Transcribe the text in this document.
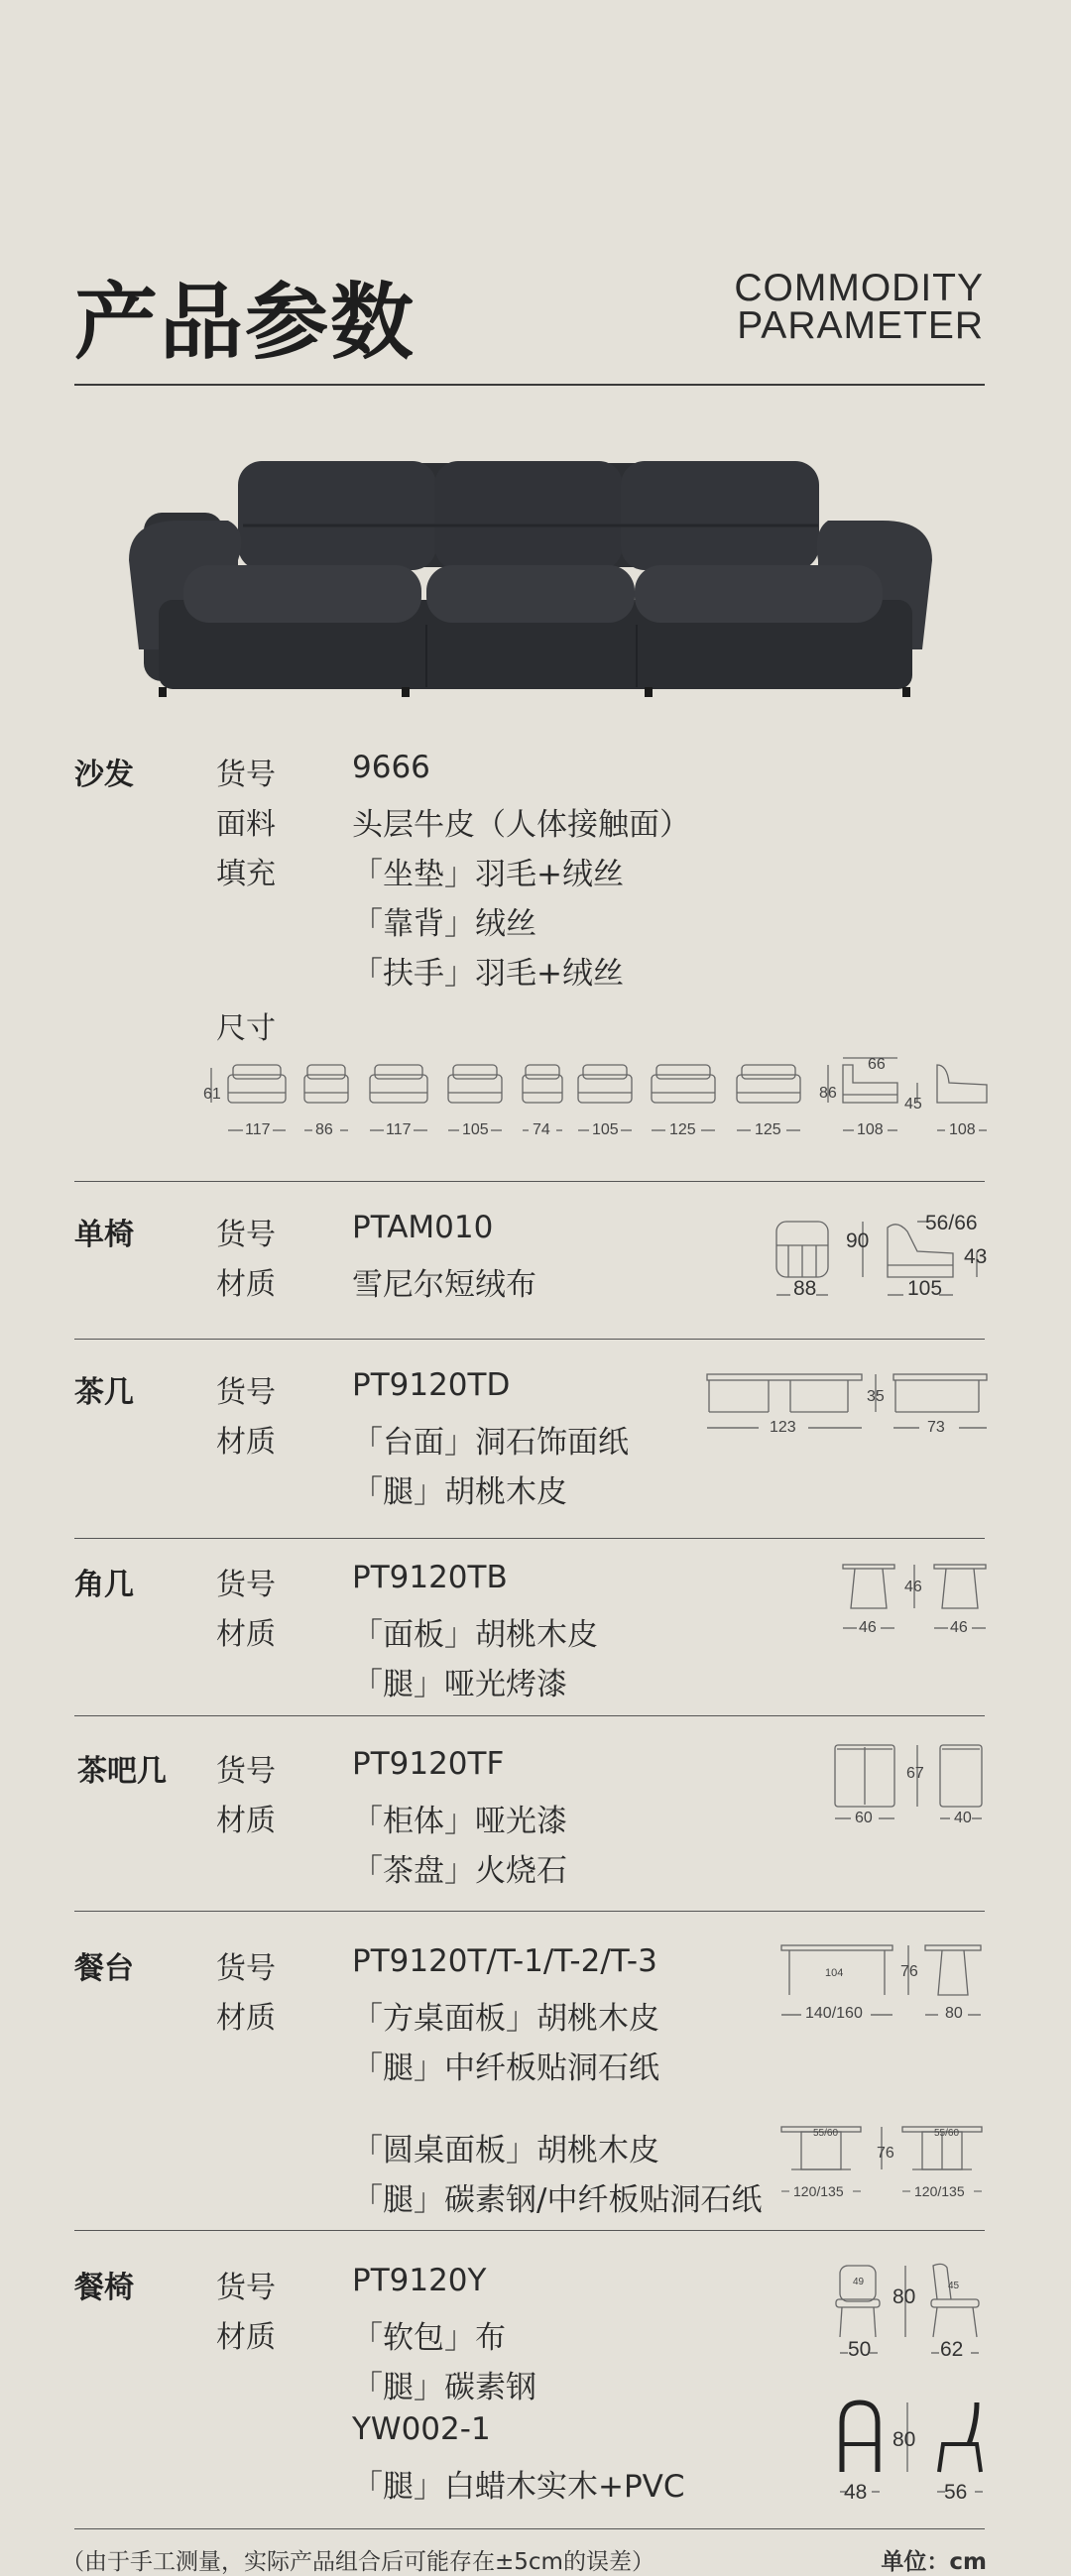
产品参数	COMMODITY
PARAMETER
沙发	货号 9666
面料 头层牛皮（人体接触面）
填充 「坐垫」羽毛+绒丝
「靠背」绒丝
「扶手」羽毛+绒丝
尺寸
61
117	86	117	105	74	105	125	125
86
66
108
45
108
单椅	货号 PTAM010
材质 雪尼尔短绒布
90
88
56/66
43
105
茶几	货号 PT9120TD
材质 「台面」洞石饰面纸
「腿」胡桃木皮
35
123	73
角几	货号 PT9120TB
材质 「面板」胡桃木皮
「腿」哑光烤漆
46
46	46
茶吧几 货号 PT9120TF
材质 「柜体」哑光漆
「茶盘」火烧石
67
60	40
餐台	货号 PT9120T/T-1/T-2/T-3
材质 「方桌面板」胡桃木皮
「腿」中纤板贴洞石纸
「圆桌面板」胡桃木皮
「腿」碳素钢/中纤板贴洞石纸
104	76
140/160	80
55/60	55/60
76
120/135	120/135
餐椅	货号 PT9120Y
材质 「软包」布
「腿」碳素钢
YW002-1
「腿」白蜡木实木+PVC
49
80
50
45
62
80
48	56
（由于手工测量，实际产品组合后可能存在±5cm的误差）	单位：cm
